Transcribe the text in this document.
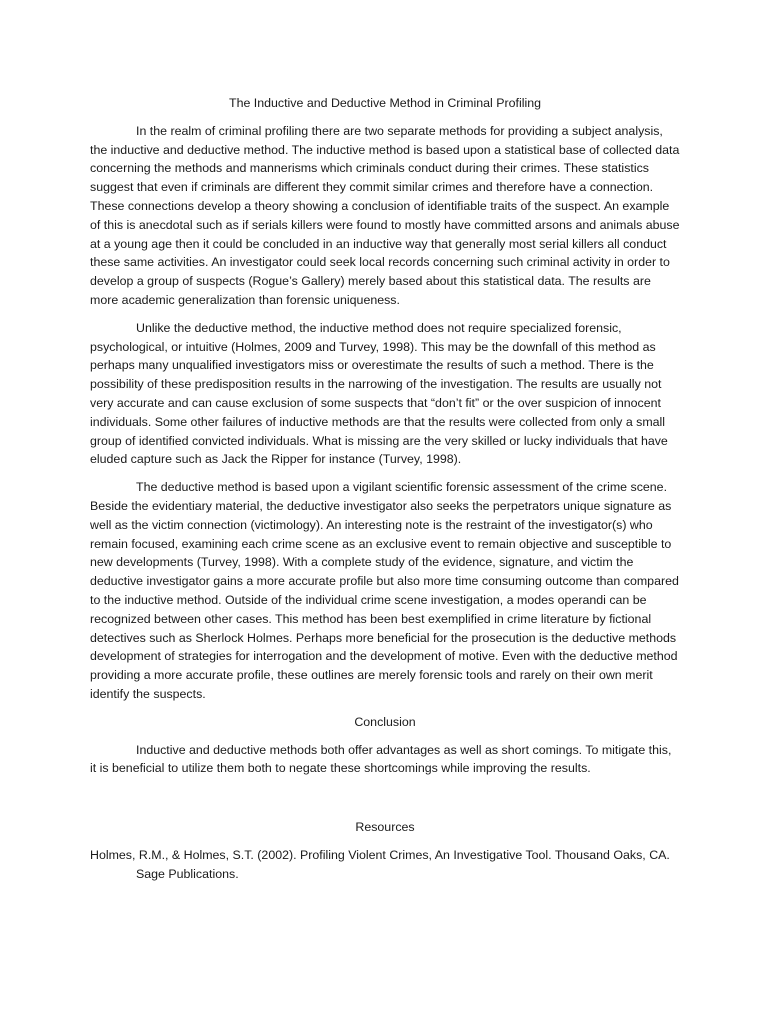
The Inductive and Deductive Method in Criminal Profiling

In the realm of criminal profiling there are two separate methods for providing a subject analysis, the inductive and deductive method. The inductive method is based upon a statistical base of collected data concerning the methods and mannerisms which criminals conduct during their crimes. These statistics suggest that even if criminals are different they commit similar crimes and therefore have a connection. These connections develop a theory showing a conclusion of identifiable traits of the suspect. An example of this is anecdotal such as if serials killers were found to mostly have committed arsons and animals abuse at a young age then it could be concluded in an inductive way that generally most serial killers all conduct these same activities. An investigator could seek local records concerning such criminal activity in order to develop a group of suspects (Rogue’s Gallery) merely based about this statistical data. The results are more academic generalization than forensic uniqueness.

Unlike the deductive method, the inductive method does not require specialized forensic, psychological, or intuitive (Holmes, 2009 and Turvey, 1998). This may be the downfall of this method as perhaps many unqualified investigators miss or overestimate the results of such a method. There is the possibility of these predisposition results in the narrowing of the investigation. The results are usually not very accurate and can cause exclusion of some suspects that “don’t fit” or the over suspicion of innocent individuals. Some other failures of inductive methods are that the results were collected from only a small group of identified convicted individuals. What is missing are the very skilled or lucky individuals that have eluded capture such as Jack the Ripper for instance (Turvey, 1998).

The deductive method is based upon a vigilant scientific forensic assessment of the crime scene. Beside the evidentiary material, the deductive investigator also seeks the perpetrators unique signature as well as the victim connection (victimology). An interesting note is the restraint of the investigator(s) who remain focused, examining each crime scene as an exclusive event to remain objective and susceptible to new developments (Turvey, 1998). With a complete study of the evidence, signature, and victim the deductive investigator gains a more accurate profile but also more time consuming outcome than compared to the inductive method. Outside of the individual crime scene investigation, a modes operandi can be recognized between other cases. This method has been best exemplified in crime literature by fictional detectives such as Sherlock Holmes. Perhaps more beneficial for the prosecution is the deductive methods development of strategies for interrogation and the development of motive. Even with the deductive method providing a more accurate profile, these outlines are merely forensic tools and rarely on their own merit identify the suspects.

Conclusion

Inductive and deductive methods both offer advantages as well as short comings. To mitigate this, it is beneficial to utilize them both to negate these shortcomings while improving the results.

Resources

Holmes, R.M., & Holmes, S.T. (2002). Profiling Violent Crimes, An Investigative Tool. Thousand Oaks, CA. Sage Publications.
